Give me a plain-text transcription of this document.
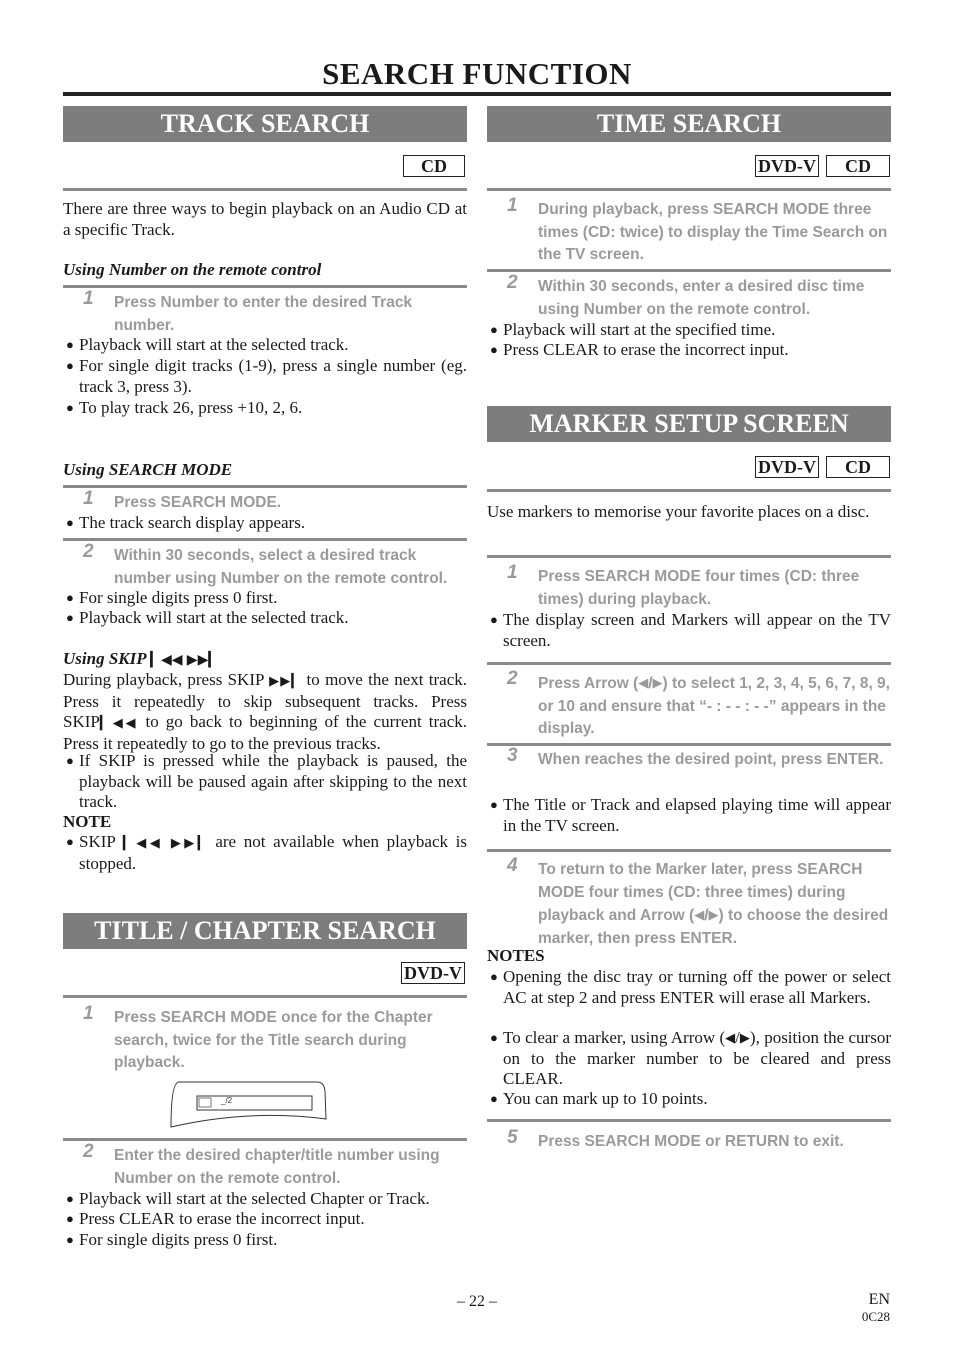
SEARCH FUNCTION
TRACK SEARCH
CD
There are three ways to begin playback on an Audio CD at a specific Track.
Using Number on the remote control
1 Press Number to enter the desired Track number.
● Playback will start at the selected track.
● For single digit tracks (1-9), press a single number (eg. track 3, press 3).
● To play track 26, press +10, 2, 6.
Using SEARCH MODE
1 Press SEARCH MODE.
● The track search display appears.
2 Within 30 seconds, select a desired track number using Number on the remote control.
● For single digits press 0 first.
● Playback will start at the selected track.
Using SKIP ▎◀◀ ▶▶▎
During playback, press SKIP ▶▶▎ to move the next track. Press it repeatedly to skip subsequent tracks. Press SKIP▎◀◀ to go back to beginning of the current track. Press it repeatedly to go to the previous tracks.
● If SKIP is pressed while the playback is paused, the playback will be paused again after skipping to the next track.
NOTE
● SKIP ▎◀◀ ▶▶▎ are not available when playback is stopped.
TITLE / CHAPTER SEARCH
DVD-V
1 Press SEARCH MODE once for the Chapter search, twice for the Title search during playback.
_/2
2 Enter the desired chapter/title number using Number on the remote control.
● Playback will start at the selected Chapter or Track.
● Press CLEAR to erase the incorrect input.
● For single digits press 0 first.
TIME SEARCH
DVD-V	CD
1 During playback, press SEARCH MODE three times (CD: twice) to display the Time Search on the TV screen.
2 Within 30 seconds, enter a desired disc time using Number on the remote control.
● Playback will start at the specified time.
● Press CLEAR to erase the incorrect input.
MARKER SETUP SCREEN
DVD-V	CD
Use markers to memorise your favorite places on a disc.
1 Press SEARCH MODE four times (CD: three times) during playback.
● The display screen and Markers will appear on the TV screen.
2 Press Arrow (◀/▶) to select 1, 2, 3, 4, 5, 6, 7, 8, 9, or 10 and ensure that “- : - - : - -” appears in the display.
3 When reaches the desired point, press ENTER.
● The Title or Track and elapsed playing time will appear in the TV screen.
4 To return to the Marker later, press SEARCH MODE four times (CD: three times) during playback and Arrow (◀/▶) to choose the desired marker, then press ENTER.
NOTES
● Opening the disc tray or turning off the power or select AC at step 2 and press ENTER will erase all Markers.
● To clear a marker, using Arrow (◀/▶), position the cursor on to the marker number to be cleared and press CLEAR.
● You can mark up to 10 points.
5 Press SEARCH MODE or RETURN to exit.
– 22 –	EN
0C28
